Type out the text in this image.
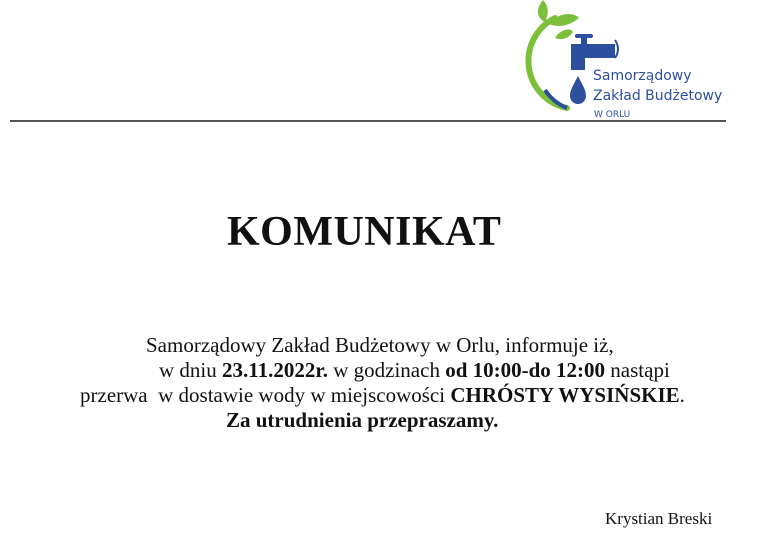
Samorządowy
Zakład Budżetowy
W ORLU
KOMUNIKAT
Samorządowy Zakład Budżetowy w Orlu, informuje iż,
w dniu 23.11.2022r. w godzinach od 10:00-do 12:00 nastąpi
przerwa  w dostawie wody w miejscowości CHRÓSTY WYSIŃSKIE.
Za utrudnienia przepraszamy.
Krystian Breski
